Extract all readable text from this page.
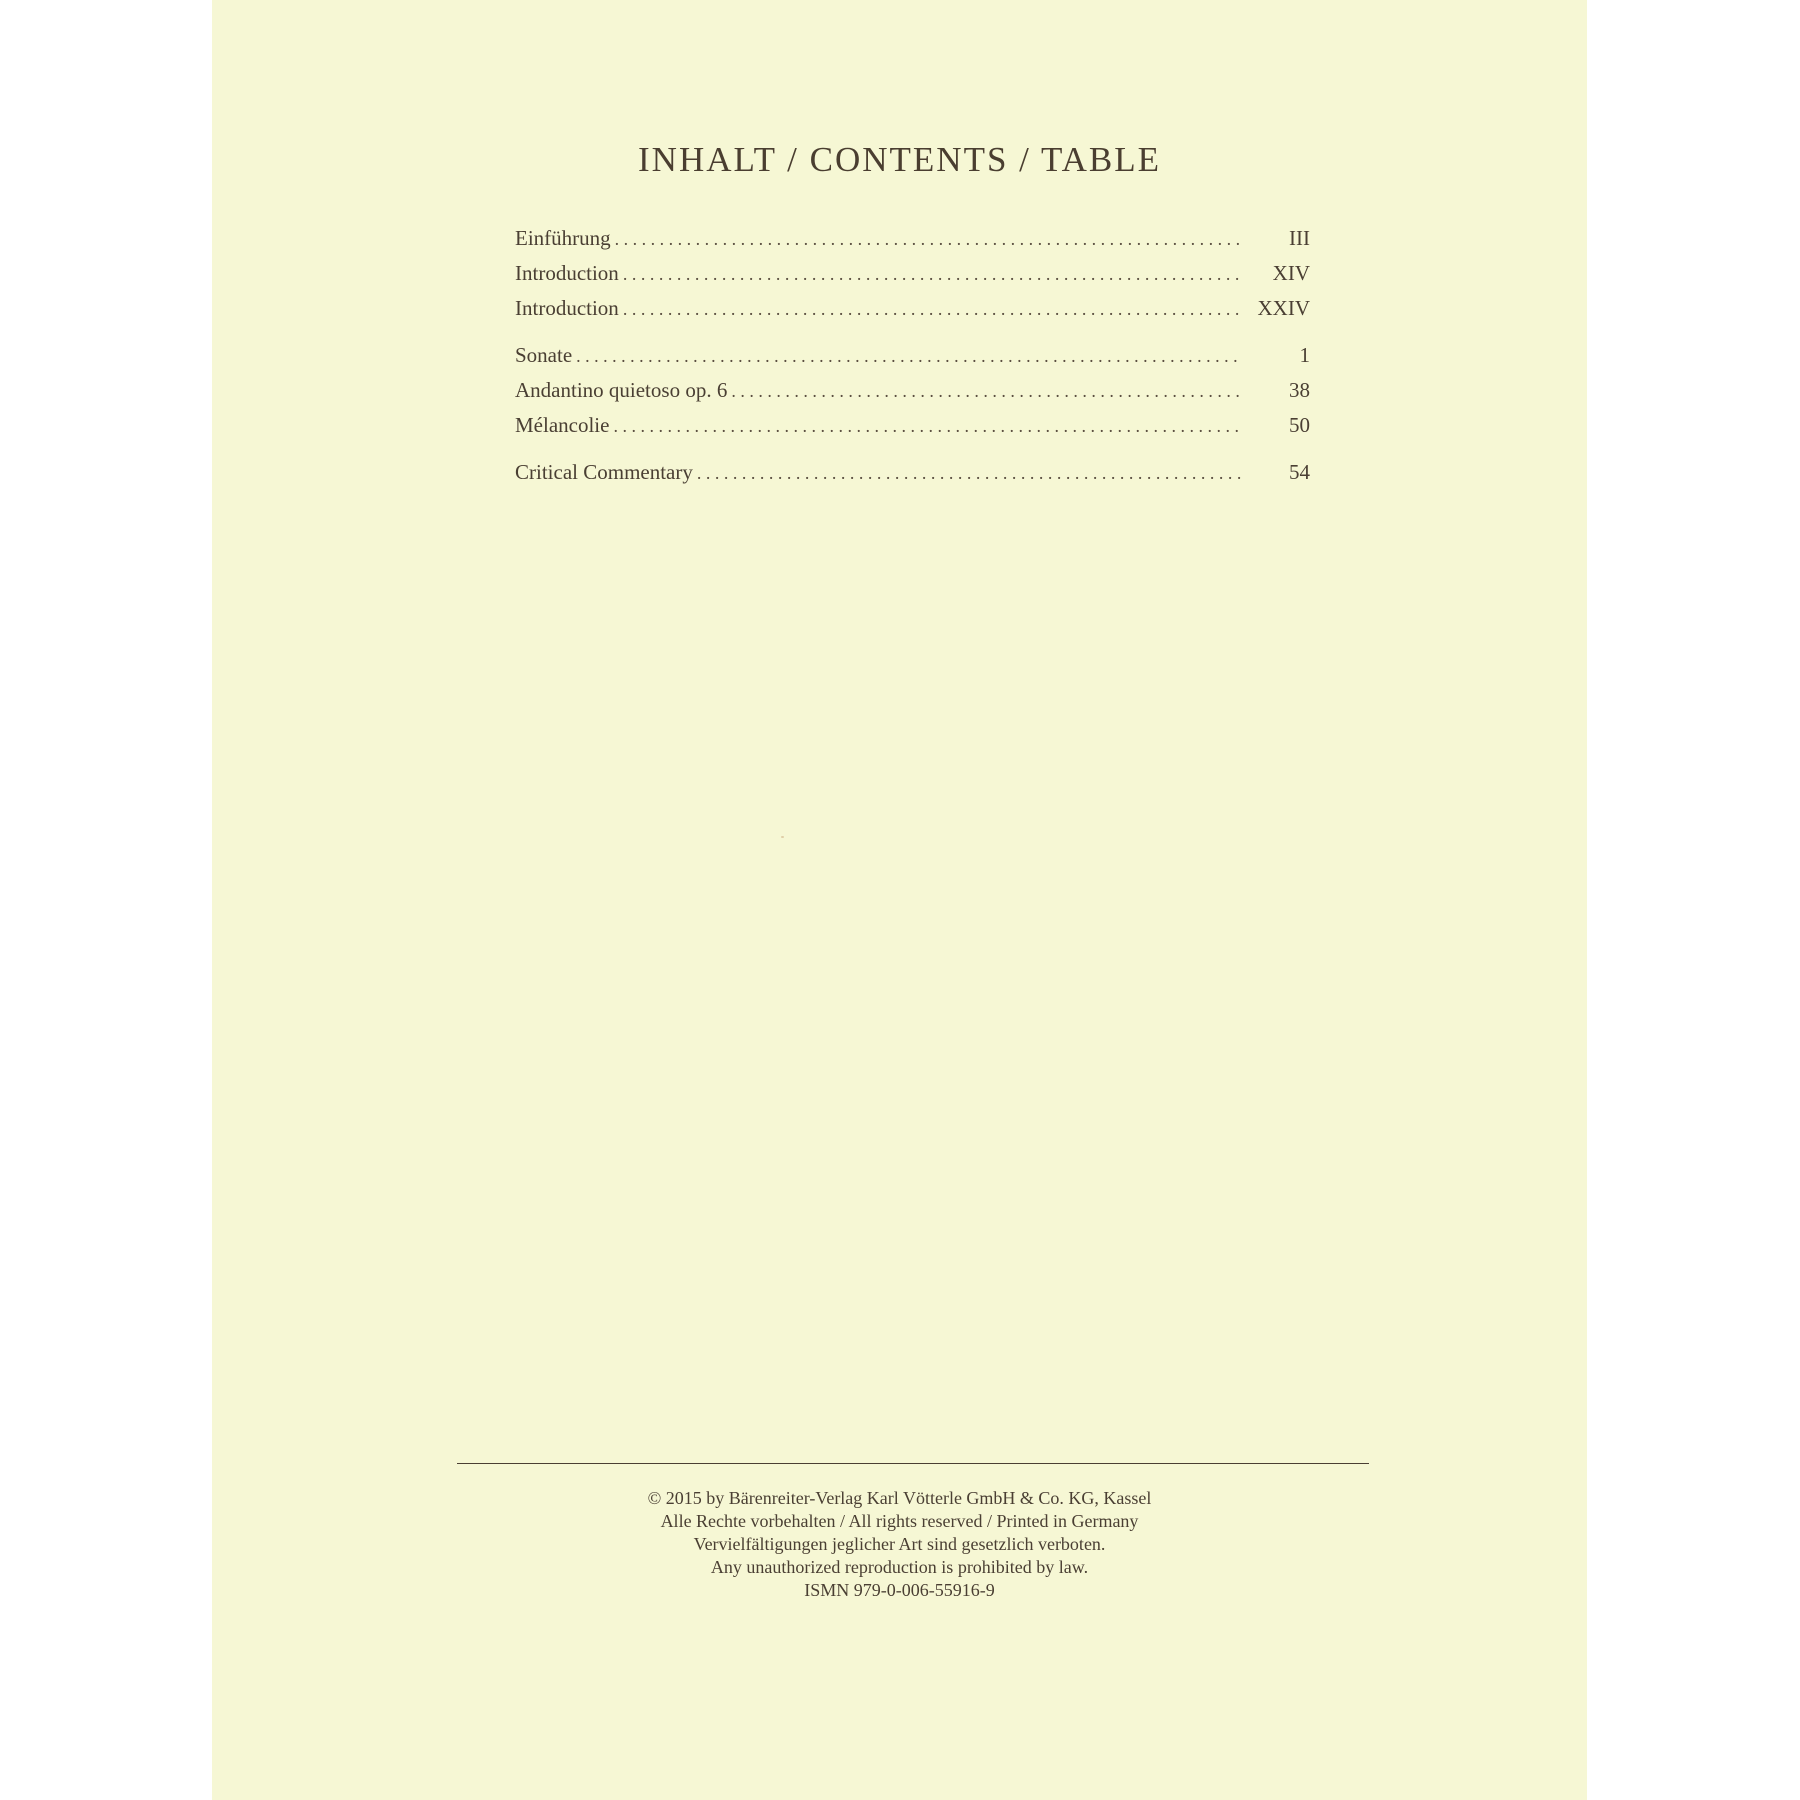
INHALT / CONTENTS / TABLE
Einführung . . .	III
Introduction . . .	XIV
Introduction . . .	XXIV
Sonate . . .	1
Andantino quietoso op. 6 . . .	38
Mélancolie . . .	50
Critical Commentary . . .	54
© 2015 by Bärenreiter-Verlag Karl Vötterle GmbH & Co. KG, Kassel
Alle Rechte vorbehalten / All rights reserved / Printed in Germany
Vervielfältigungen jeglicher Art sind gesetzlich verboten.
Any unauthorized reproduction is prohibited by law.
ISMN 979-0-006-55916-9
